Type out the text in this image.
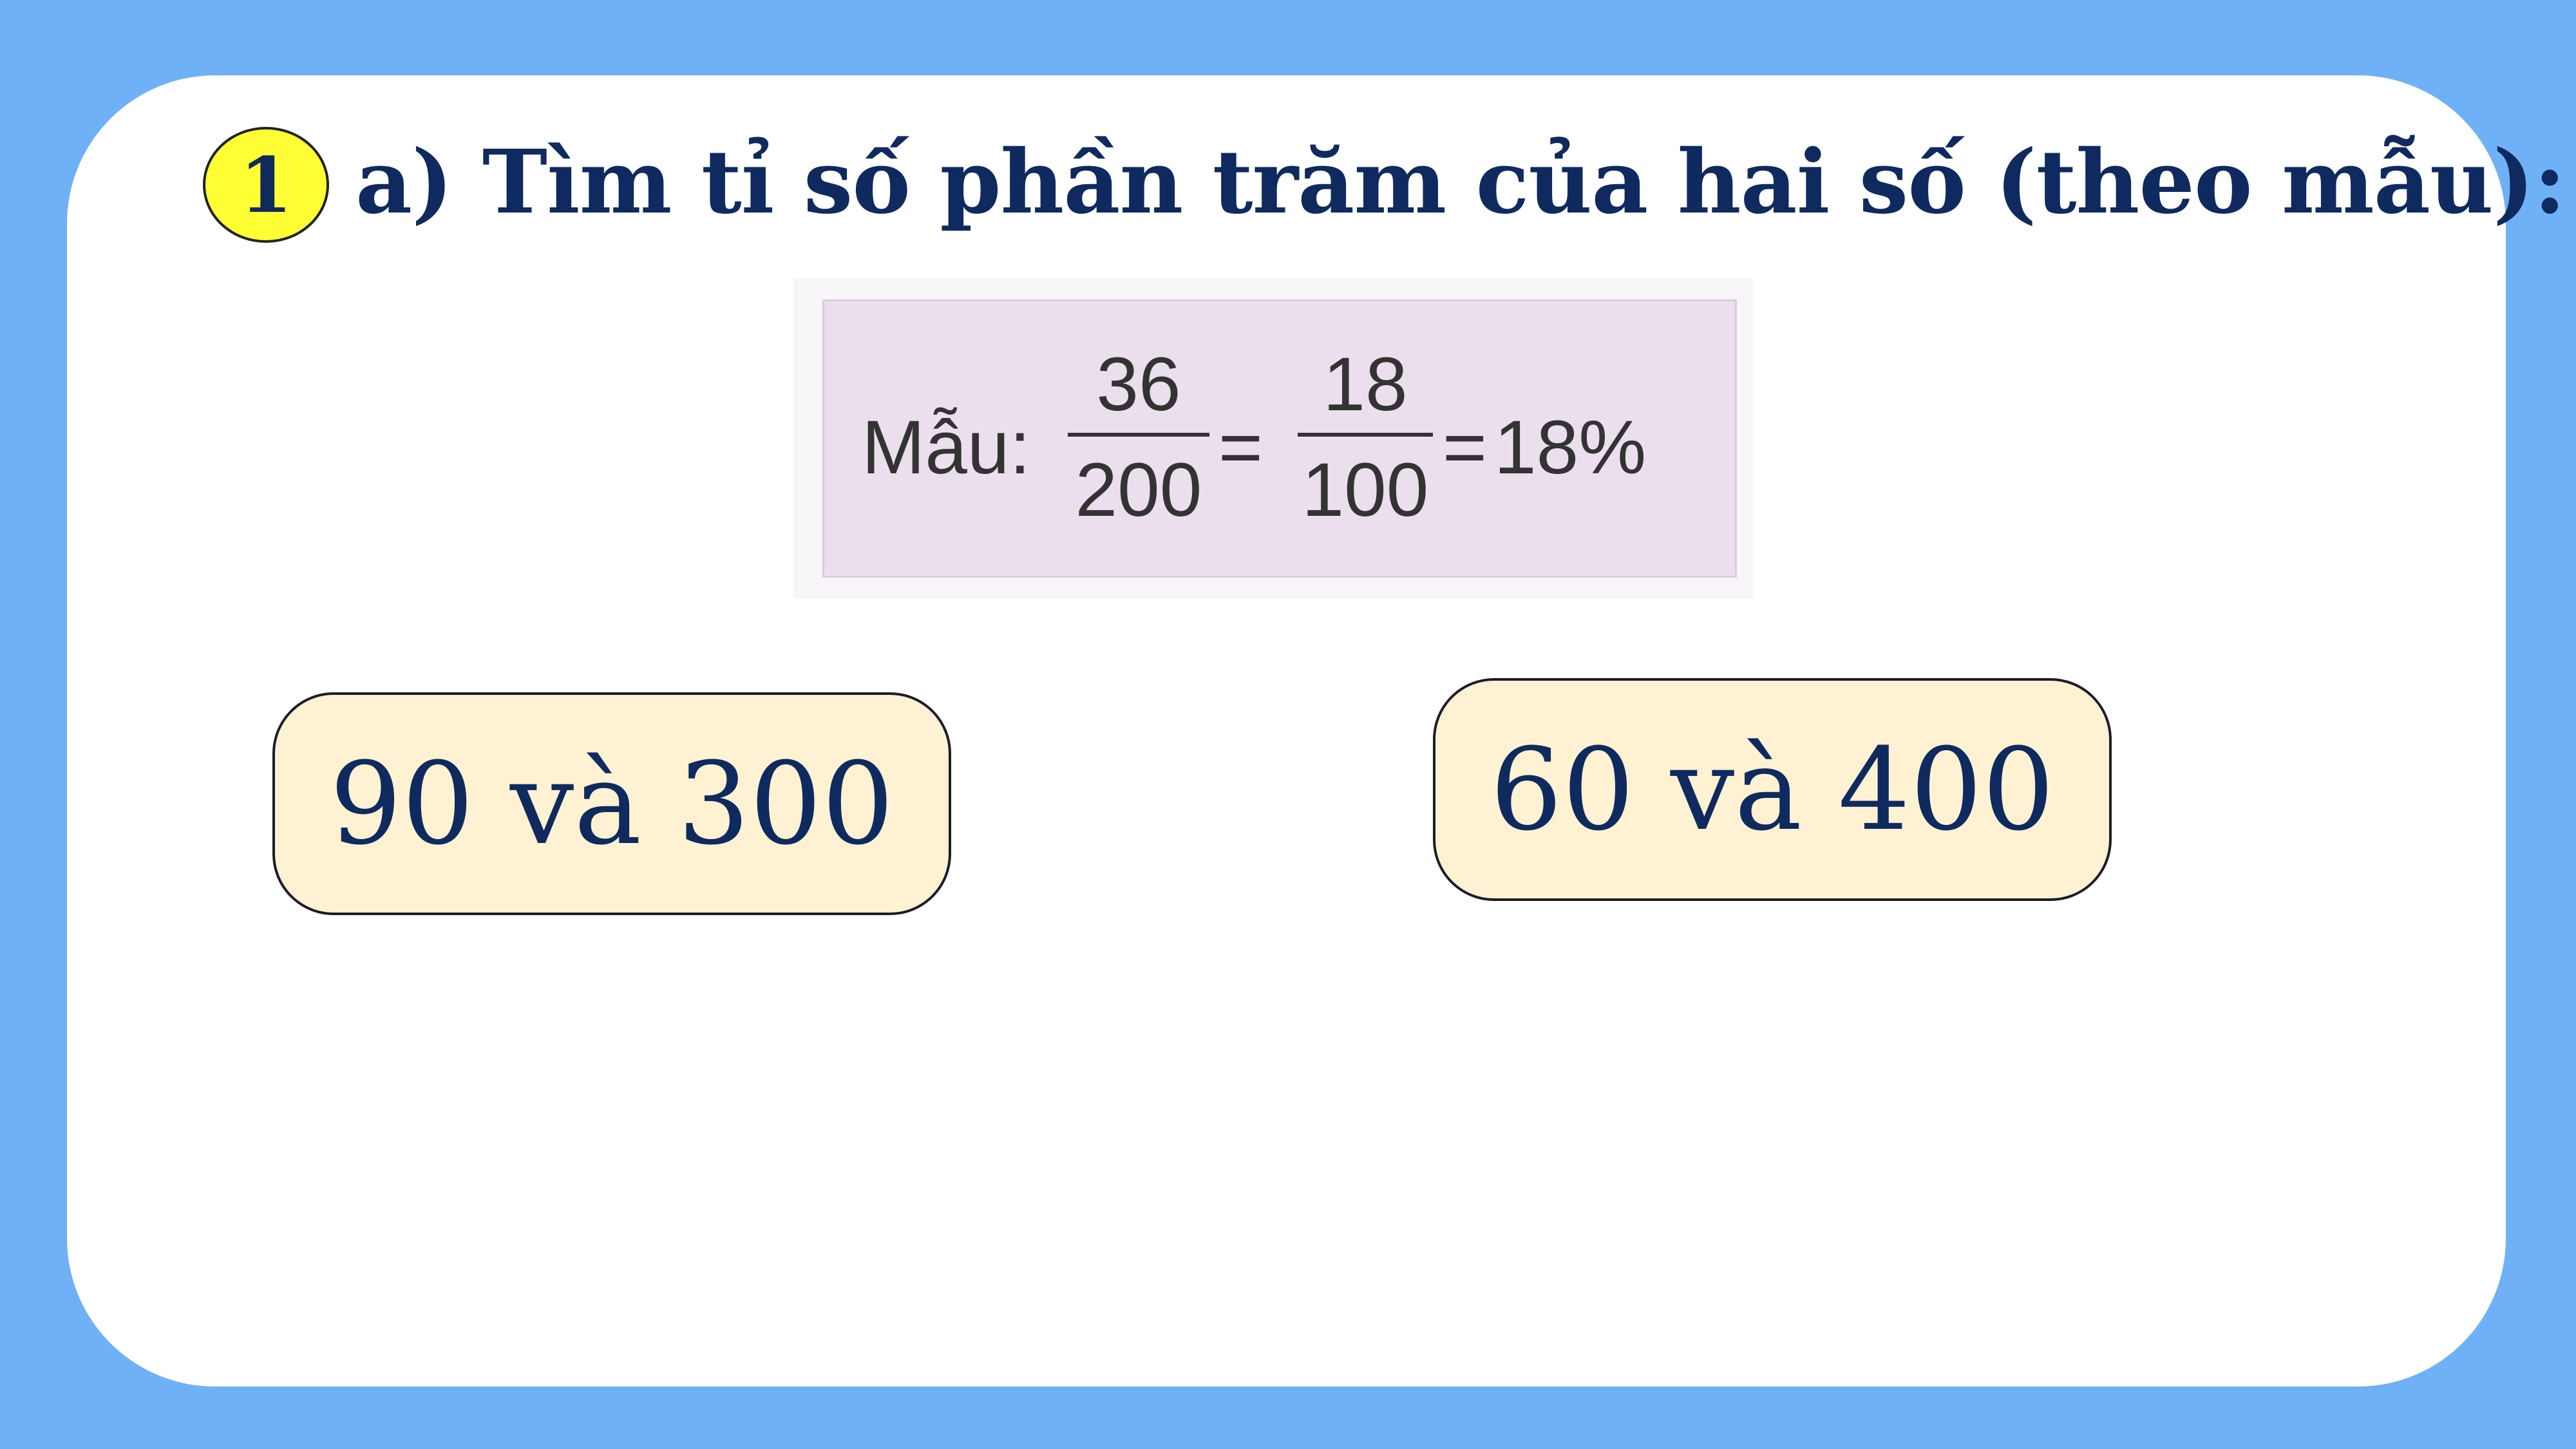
1 a) Tìm tỉ số phần trăm của hai số (theo mẫu):
Mẫu:
36
200 =
18
100 = 18%
90 và 300	60 và 400
